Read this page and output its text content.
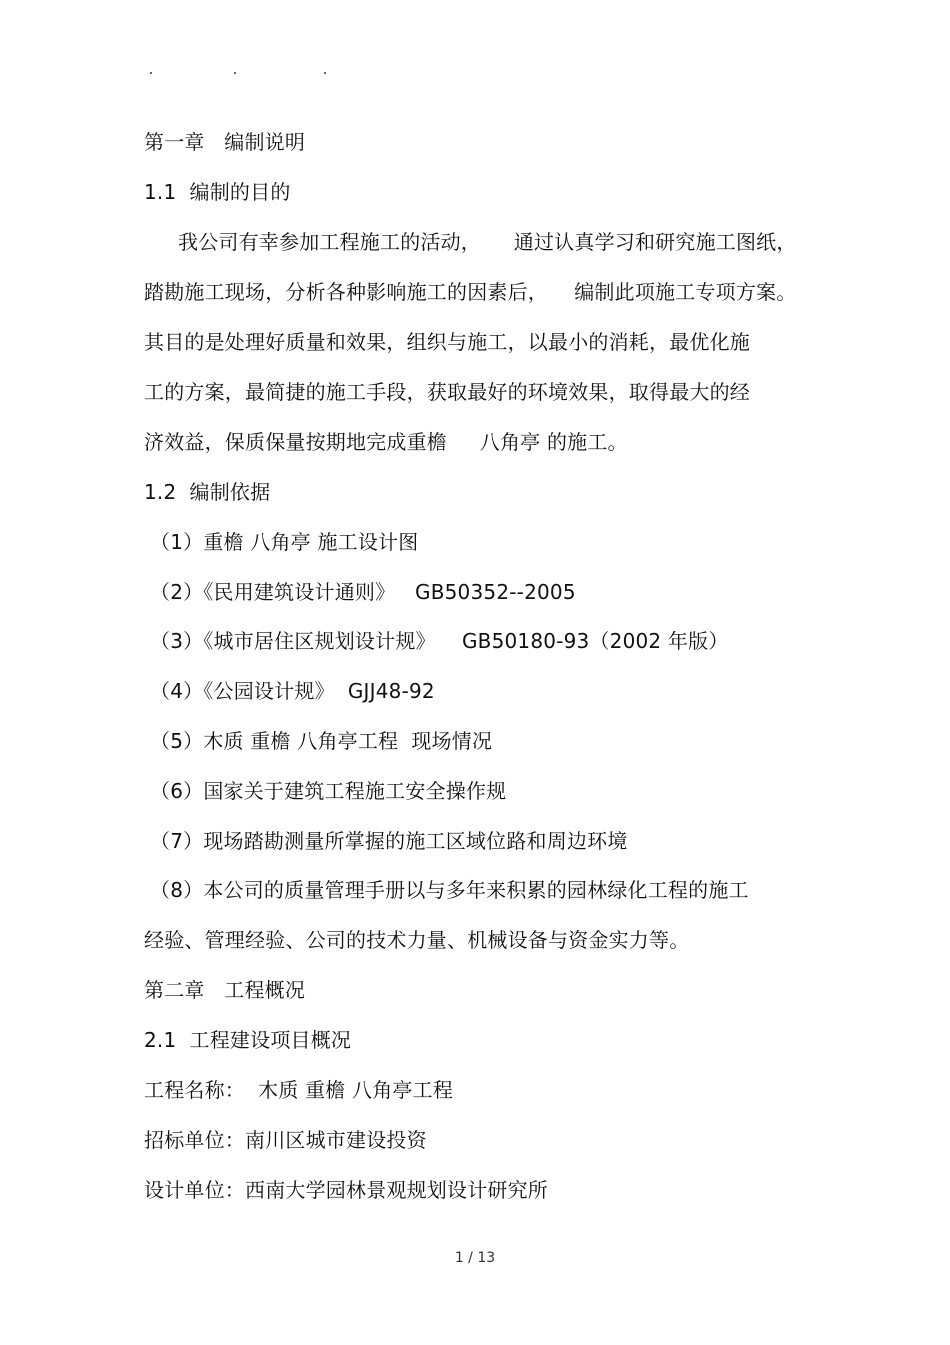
第一章   编制说明
1.1  编制的目的
我公司有幸参加工程施工的活动，     通过认真学习和研究施工图纸，
踏勘施工现场，分析各种影响施工的因素后，    编制此项施工专项方案。
其目的是处理好质量和效果，组织与施工，以最小的消耗，最优化施
工的方案，最简捷的施工手段，获取最好的环境效果，取得最大的经
济效益，保质保量按期地完成重檐     八角亭 的施工。
1.2  编制依据
（1）重檐 八角亭 施工设计图
（2）《民用建筑设计通则》   GB50352--2005
（3）《城市居住区规划设计规》    GB50180-93（2002 年版）
（4）《公园设计规》  GJJ48-92
（5）木质 重檐 八角亭工程  现场情况
（6）国家关于建筑工程施工安全操作规
（7）现场踏勘测量所掌握的施工区域位路和周边环境
（8）本公司的质量管理手册以与多年来积累的园林绿化工程的施工
经验、管理经验、公司的技术力量、机械设备与资金实力等。
第二章   工程概况
2.1  工程建设项目概况
工程名称：  木质 重檐 八角亭工程
招标单位：南川区城市建设投资
设计单位：西南大学园林景观规划设计研究所
1 / 13
